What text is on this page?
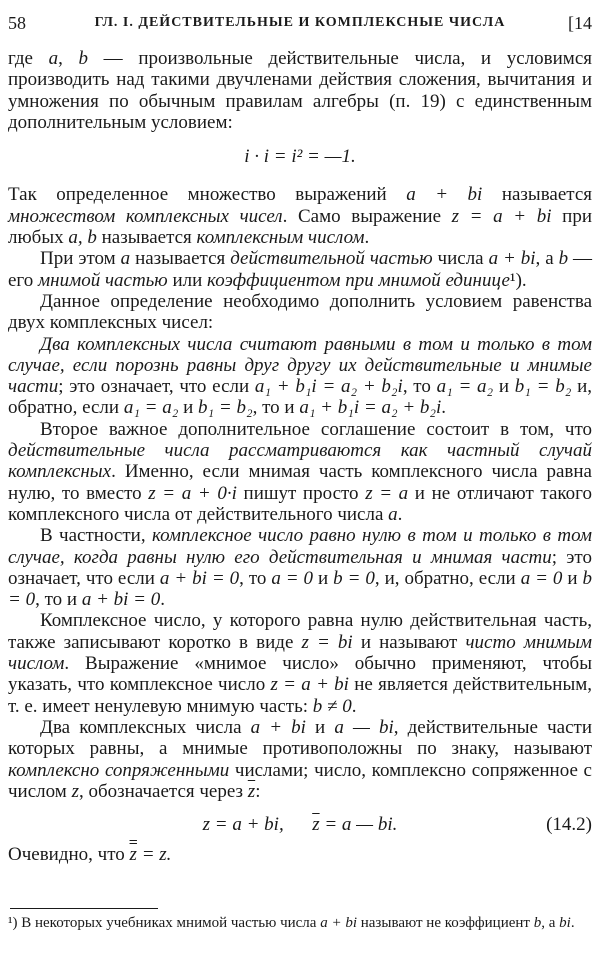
58	ГЛ. I. ДЕЙСТВИТЕЛЬНЫЕ И КОМПЛЕКСНЫЕ ЧИСЛА	[14

где a, b — произвольные действительные числа, и условимся производить над такими двучленами действия сложения, вычитания и умножения по обычным правилам алгебры (п. 19) с единственным дополнительным условием:

i · i = i² = —1.

Так определенное множество выражений a + bi называется множеством комплексных чисел. Само выражение z = a + bi при любых a, b называется комплексным числом.

При этом a называется действительной частью числа a + bi, а b — его мнимой частью или коэффициентом при мнимой единице¹).

Данное определение необходимо дополнить условием равенства двух комплексных чисел:

Два комплексных числа считают равными в том и только в том случае, если порознь равны друг другу их действительные и мнимые части; это означает, что если a₁ + b₁i = a₂ + b₂i, то a₁ = a₂ и b₁ = b₂ и, обратно, если a₁ = a₂ и b₁ = b₂, то и a₁ + b₁i = a₂ + b₂i.

Второе важное дополнительное соглашение состоит в том, что действительные числа рассматриваются как частный случай комплексных. Именно, если мнимая часть комплексного числа равна нулю, то вместо z = a + 0·i пишут просто z = a и не отличают такого комплексного числа от действительного числа a.

В частности, комплексное число равно нулю в том и только в том случае, когда равны нулю его действительная и мнимая части; это означает, что если a + bi = 0, то a = 0 и b = 0, и, обратно, если a = 0 и b = 0, то и a + bi = 0.

Комплексное число, у которого равна нулю действительная часть, также записывают коротко в виде z = bi и называют чисто мнимым числом. Выражение «мнимое число» обычно применяют, чтобы указать, что комплексное число z = a + bi не является действительным, т. е. имеет ненулевую мнимую часть: b ≠ 0.

Два комплексных числа a + bi и a — bi, действительные части которых равны, а мнимые противоположны по знаку, называют комплексно сопряженными числами; число, комплексно сопряженное с числом z, обозначается через $\overline{z}$:

z = a + bi, $\overline{z} = a$ — bi.	(14.2)

Очевидно, что z = z.

¹) В некоторых учебниках мнимой частью числа a + bi называют не коэффициент b, а bi.
